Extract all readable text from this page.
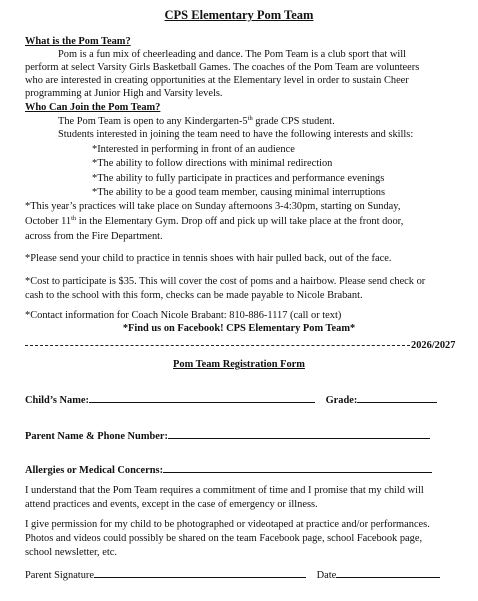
CPS Elementary Pom Team
What is the Pom Team?
Pom is a fun mix of cheerleading and dance. The Pom Team is a club sport that will
perform at select Varsity Girls Basketball Games. The coaches of the Pom Team are volunteers
who are interested in creating opportunities at the Elementary level in order to sustain Cheer
programming at Junior High and Varsity levels.
Who Can Join the Pom Team?
The Pom Team is open to any Kindergarten-5th grade CPS student.
Students interested in joining the team need to have the following interests and skills:
*Interested in performing in front of an audience
*The ability to follow directions with minimal redirection
*The ability to fully participate in practices and performance evenings
*The ability to be a good team member, causing minimal interruptions
*This year’s practices will take place on Sunday afternoons 3-4:30pm, starting on Sunday,
October 11th in the Elementary Gym. Drop off and pick up will take place at the front door,
across from the Fire Department.
*Please send your child to practice in tennis shoes with hair pulled back, out of the face.
*Cost to participate is $35. This will cover the cost of poms and a hairbow. Please send check or
cash to the school with this form, checks can be made payable to Nicole Brabant.
*Contact information for Coach Nicole Brabant: 810-886-1117 (call or text)
*Find us on Facebook! CPS Elementary Pom Team*
2026/2027
Pom Team Registration Form
Child’s Name:	Grade:
Parent Name & Phone Number:
Allergies or Medical Concerns:
I understand that the Pom Team requires a commitment of time and I promise that my child will
attend practices and events, except in the case of emergency or illness.
I give permission for my child to be photographed or videotaped at practice and/or performances.
Photos and videos could possibly be shared on the team Facebook page, school Facebook page,
school newsletter, etc.
Parent Signature	Date
